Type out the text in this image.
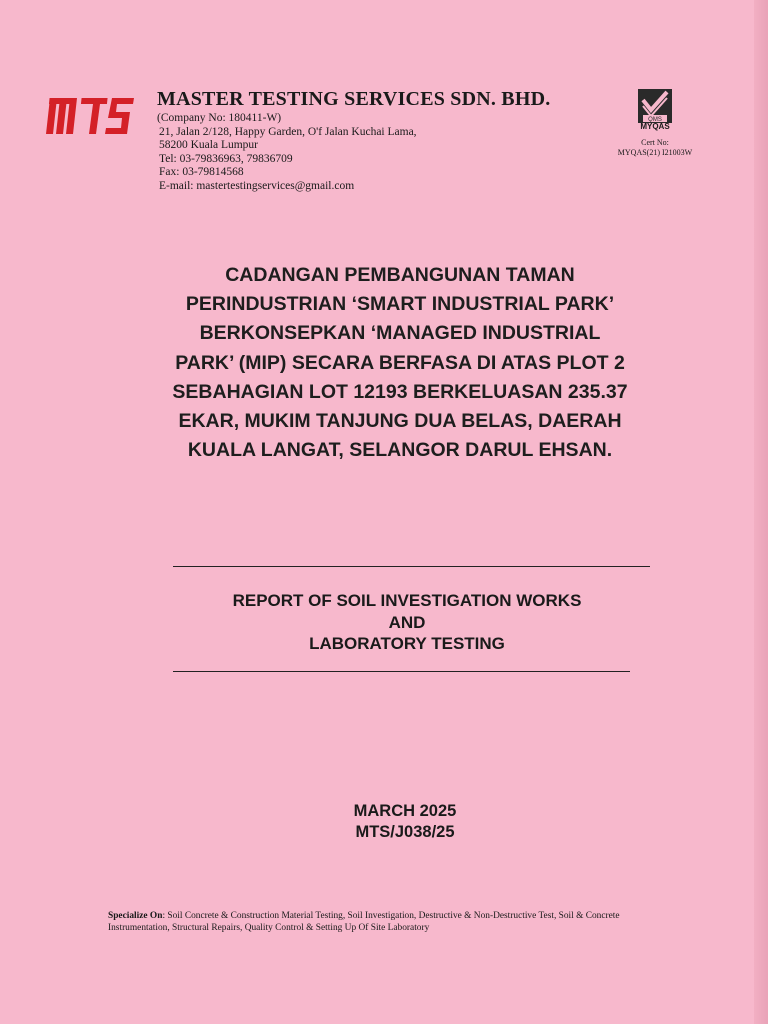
MASTER TESTING SERVICES SDN. BHD.
(Company No: 180411-W)
21, Jalan 2/128, Happy Garden, O'f Jalan Kuchai Lama,
58200 Kuala Lumpur
Tel: 03-79836963, 79836709
Fax: 03-79814568
E-mail: mastertestingservices@gmail.com
QMS
MYQAS
Cert No:
MYQAS(21) I21003W
CADANGAN PEMBANGUNAN TAMAN
PERINDUSTRIAN ‘SMART INDUSTRIAL PARK’
BERKONSEPKAN ‘MANAGED INDUSTRIAL
PARK’ (MIP) SECARA BERFASA DI ATAS PLOT 2
SEBAHAGIAN LOT 12193 BERKELUASAN 235.37
EKAR, MUKIM TANJUNG DUA BELAS, DAERAH
KUALA LANGAT, SELANGOR DARUL EHSAN.
REPORT OF SOIL INVESTIGATION WORKS
AND
LABORATORY TESTING
MARCH 2025
MTS/J038/25
Specialize On: Soil Concrete & Construction Material Testing, Soil Investigation, Destructive & Non-Destructive Test, Soil & Concrete
Instrumentation, Structural Repairs, Quality Control & Setting Up Of Site Laboratory
